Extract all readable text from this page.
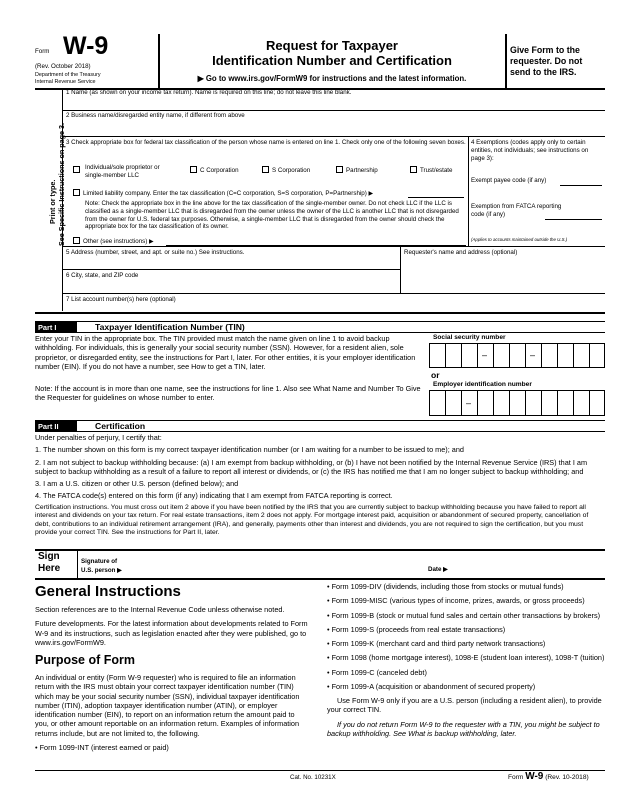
Form W-9
(Rev. October 2018)
Department of the Treasury
Internal Revenue Service
Request for Taxpayer
Identification Number and Certification
▶ Go to www.irs.gov/FormW9 for instructions and the latest information.
Give Form to the requester. Do not send to the IRS.
Print or type. See Specific Instructions on page 3.
1 Name (as shown on your income tax return). Name is required on this line; do not leave this line blank.
2 Business name/disregarded entity name, if different from above
3 Check appropriate box for federal tax classification of the person whose name is entered on line 1. Check only one of the following seven boxes.
Individual/sole proprietor or single-member LLC
C Corporation	S Corporation	Partnership	Trust/estate
Limited liability company. Enter the tax classification (C=C corporation, S=S corporation, P=Partnership) ▶
Note: Check the appropriate box in the line above for the tax classification of the single-member owner. Do not check LLC if the LLC is classified as a single-member LLC that is disregarded from the owner unless the owner of the LLC is another LLC that is not disregarded from the owner for U.S. federal tax purposes. Otherwise, a single-member LLC that is disregarded from the owner should check the appropriate box for the tax classification of its owner.
Other (see instructions) ▶
4 Exemptions (codes apply only to certain entities, not individuals; see instructions on page 3):
Exempt payee code (if any)
Exemption from FATCA reporting code (if any)
(Applies to accounts maintained outside the U.S.)
5 Address (number, street, and apt. or suite no.) See instructions.	Requester's name and address (optional)
6 City, state, and ZIP code
7 List account number(s) here (optional)
Part I	Taxpayer Identification Number (TIN)
Enter your TIN in the appropriate box. The TIN provided must match the name given on line 1 to avoid backup withholding. For individuals, this is generally your social security number (SSN). However, for a resident alien, sole proprietor, or disregarded entity, see the instructions for Part I, later. For other entities, it is your employer identification number (EIN). If you do not have a number, see How to get a TIN, later.
Note: If the account is in more than one name, see the instructions for line 1. Also see What Name and Number To Give the Requester for guidelines on whose number to enter.
Social security number
–	–
or
Employer identification number
–
Part II	Certification
Under penalties of perjury, I certify that:
1. The number shown on this form is my correct taxpayer identification number (or I am waiting for a number to be issued to me); and
2. I am not subject to backup withholding because: (a) I am exempt from backup withholding, or (b) I have not been notified by the Internal Revenue Service (IRS) that I am subject to backup withholding as a result of a failure to report all interest or dividends, or (c) the IRS has notified me that I am no longer subject to backup withholding; and
3. I am a U.S. citizen or other U.S. person (defined below); and
4. The FATCA code(s) entered on this form (if any) indicating that I am exempt from FATCA reporting is correct.
Certification instructions. You must cross out item 2 above if you have been notified by the IRS that you are currently subject to backup withholding because you have failed to report all interest and dividends on your tax return. For real estate transactions, item 2 does not apply. For mortgage interest paid, acquisition or abandonment of secured property, cancellation of debt, contributions to an individual retirement arrangement (IRA), and generally, payments other than interest and dividends, you are not required to sign the certification, but you must provide your correct TIN. See the instructions for Part II, later.
Sign
Here
Signature of
U.S. person ▶	Date ▶
General Instructions

Section references are to the Internal Revenue Code unless otherwise noted.

Future developments. For the latest information about developments related to Form W-9 and its instructions, such as legislation enacted after they were published, go to www.irs.gov/FormW9.

Purpose of Form

An individual or entity (Form W-9 requester) who is required to file an information return with the IRS must obtain your correct taxpayer identification number (TIN) which may be your social security number (SSN), individual taxpayer identification number (ITIN), adoption taxpayer identification number (ATIN), or employer identification number (EIN), to report on an information return the amount paid to you, or other amount reportable on an information return. Examples of information returns include, but are not limited to, the following.

• Form 1099-INT (interest earned or paid)

• Form 1099-DIV (dividends, including those from stocks or mutual funds)

• Form 1099-MISC (various types of income, prizes, awards, or gross proceeds)

• Form 1099-B (stock or mutual fund sales and certain other transactions by brokers)

• Form 1099-S (proceeds from real estate transactions)

• Form 1099-K (merchant card and third party network transactions)

• Form 1098 (home mortgage interest), 1098-E (student loan interest), 1098-T (tuition)

• Form 1099-C (canceled debt)

• Form 1099-A (acquisition or abandonment of secured property)

Use Form W-9 only if you are a U.S. person (including a resident alien), to provide your correct TIN.

If you do not return Form W-9 to the requester with a TIN, you might be subject to backup withholding. See What is backup withholding, later.

Cat. No. 10231X	Form W-9 (Rev. 10-2018)
